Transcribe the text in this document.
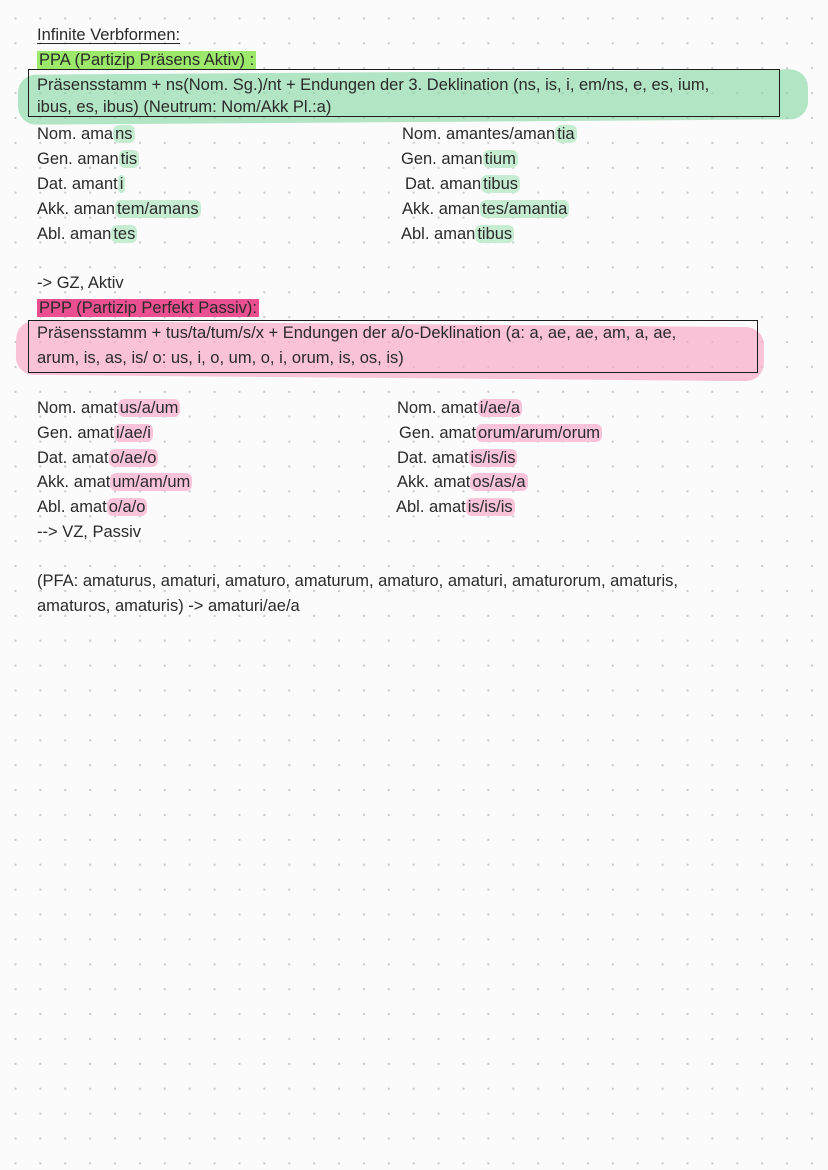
Infinite Verbformen:
PPA (Partizip Präsens Aktiv) :
Präsensstamm + ns(Nom. Sg.)/nt + Endungen der 3. Deklination (ns, is, i, em/ns, e, es, ium,
ibus, es, ibus) (Neutrum: Nom/Akk Pl.:a)
Nom. ama ns
Gen. aman tis
Dat. amant i
Akk. aman tem/amans
Abl. aman tes
Nom. amantes/aman tia
Gen. aman tium
Dat. aman tibus
Akk. aman tes/amantia
Abl. aman tibus
-> GZ, Aktiv
PPP (Partizip Perfekt Passiv):
Präsensstamm + tus/ta/tum/s/x + Endungen der a/o-Deklination (a: a, ae, ae, am, a, ae,
arum, is, as, is/ o: us, i, o, um, o, i, orum, is, os, is)
Nom. amat us/a/um
Gen. amat i/ae/i
Dat. amat o/ae/o
Akk. amat um/am/um
Abl. amat o/a/o
Nom. amat i/ae/a
Gen. amat orum/arum/orum
Dat. amat is/is/is
Akk. amat os/as/a
Abl. amat is/is/is
--> VZ, Passiv
(PFA: amaturus, amaturi, amaturo, amaturum, amaturo, amaturi, amaturorum, amaturis,
amaturos, amaturis) -> amaturi/ae/a
